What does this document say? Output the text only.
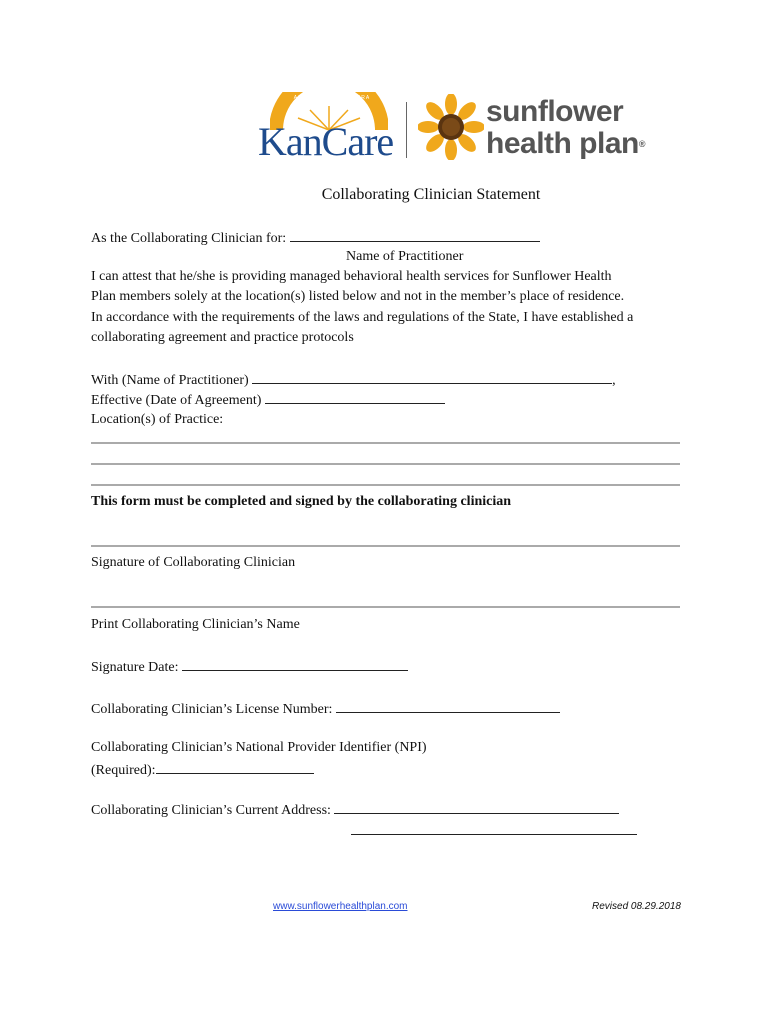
AD ASTRA PER ASPERA
KanCare
sunflower
health plan®
Collaborating Clinician Statement
As the Collaborating Clinician for:
Name of Practitioner
I can attest that he/she is providing managed behavioral health services for Sunflower Health
Plan members solely at the location(s) listed below and not in the member’s place of residence.
In accordance with the requirements of the laws and regulations of the State, I have established a
collaborating agreement and practice protocols
With (Name of Practitioner)	,
Effective (Date of Agreement)
Location(s) of Practice:
This form must be completed and signed by the collaborating clinician
Signature of Collaborating Clinician
Print Collaborating Clinician’s Name
Signature Date:
Collaborating Clinician’s License Number:
Collaborating Clinician’s National Provider Identifier (NPI)
(Required):
Collaborating Clinician’s Current Address:
www.sunflowerhealthplan.com	Revised 08.29.2018
